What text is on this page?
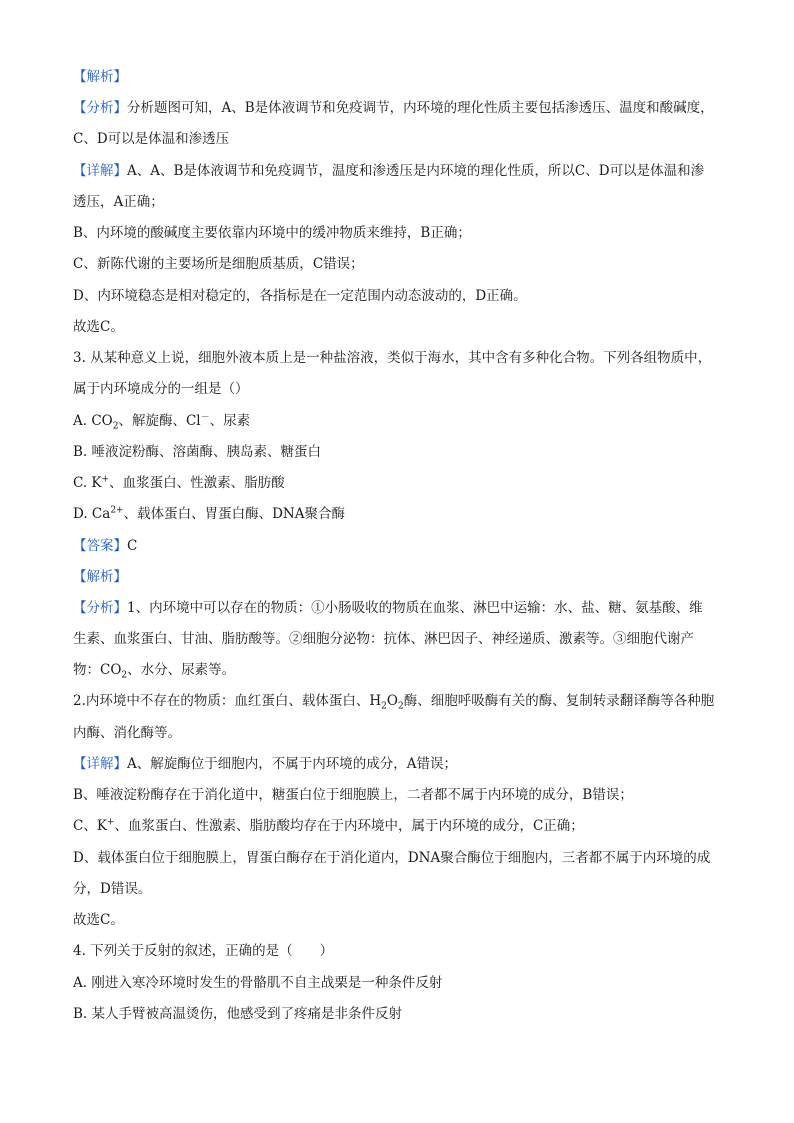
【解析】
【分析】分析题图可知，A、B是体液调节和免疫调节，内环境的理化性质主要包括渗透压、温度和酸碱度，
C、D可以是体温和渗透压
【详解】A、A、B是体液调节和免疫调节，温度和渗透压是内环境的理化性质，所以C、D可以是体温和渗
透压，A正确；
B、内环境的酸碱度主要依靠内环境中的缓冲物质来维持，B正确；
C、新陈代谢的主要场所是细胞质基质，C错误；
D、内环境稳态是相对稳定的，各指标是在一定范围内动态波动的，D正确。
故选C。
3. 从某种意义上说，细胞外液本质上是一种盐溶液，类似于海水，其中含有多种化合物。下列各组物质中，
属于内环境成分的一组是（）
A. $CO_2$、解旋酶、Cl－、尿素
B. 唾液淀粉酶、溶菌酶、胰岛素、糖蛋白
C. K+、血浆蛋白、性激素、脂肪酸
D. $Ca^{2+}$、载体蛋白、胃蛋白酶、DNA聚合酶
【答案】C
【解析】
【分析】1、内环境中可以存在的物质：①小肠吸收的物质在血浆、淋巴中运输：水、盐、糖、氨基酸、维
生素、血浆蛋白、甘油、脂肪酸等。②细胞分泌物：抗体、淋巴因子、神经递质、激素等。③细胞代谢产
物：$CO_2$、水分、尿素等。
2.内环境中不存在的物质：血红蛋白、载体蛋白、$H_2O_2$酶、细胞呼吸酶有关的酶、复制转录翻译酶等各种胞
内酶、消化酶等。
【详解】A、解旋酶位于细胞内，不属于内环境的成分，A错误；
B、唾液淀粉酶存在于消化道中，糖蛋白位于细胞膜上，二者都不属于内环境的成分，B错误；
C、K+、血浆蛋白、性激素、脂肪酸均存在于内环境中，属于内环境的成分，C正确；
D、载体蛋白位于细胞膜上，胃蛋白酶存在于消化道内，DNA聚合酶位于细胞内，三者都不属于内环境的成
分，D错误。
故选C。
4. 下列关于反射的叙述，正确的是（　　）
A. 刚进入寒冷环境时发生的骨骼肌不自主战栗是一种条件反射
B. 某人手臂被高温烫伤，他感受到了疼痛是非条件反射
